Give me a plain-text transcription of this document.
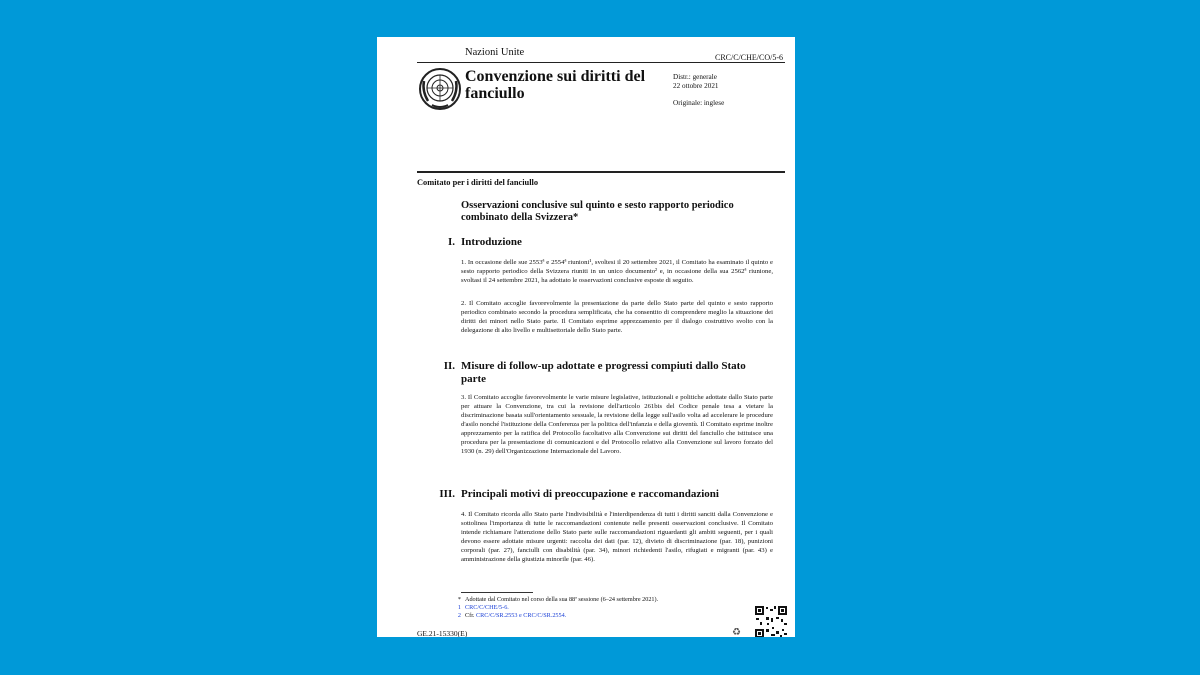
Nazioni Unite	CRC/C/CHE/CO/5-6
Convenzione sui diritti del fanciullo
Distr.: generale
22 ottobre 2021
Originale: inglese
Comitato per i diritti del fanciullo
Osservazioni conclusive sul quinto e sesto rapporto periodico combinato della Svizzera*
I. Introduzione
1. In occasione delle sue 2553ª e 2554ª riunioni¹, svoltesi il 20 settembre 2021, il Comitato ha esaminato il quinto e sesto rapporto periodico della Svizzera riuniti in un unico documento² e, in occasione della sua 2562ª riunione, svoltasi il 24 settembre 2021, ha adottato le osservazioni conclusive esposte di seguito.
2. Il Comitato accoglie favorevolmente la presentazione da parte dello Stato parte del quinto e sesto rapporto periodico combinato secondo la procedura semplificata, che ha consentito di comprendere meglio la situazione dei diritti dei minori nello Stato parte. Il Comitato esprime apprezzamento per il dialogo costruttivo svolto con la delegazione di alto livello e multisettoriale dello Stato parte.
II. Misure di follow-up adottate e progressi compiuti dallo Stato parte
3. Il Comitato accoglie favorevolmente le varie misure legislative, istituzionali e politiche adottate dallo Stato parte per attuare la Convenzione, tra cui la revisione dell'articolo 261bis del Codice penale tesa a vietare la discriminazione basata sull'orientamento sessuale, la revisione della legge sull'asilo volta ad accelerare le procedure d'asilo nonché l'istituzione della Conferenza per la politica dell'infanzia e della gioventù. Il Comitato esprime inoltre apprezzamento per la ratifica del Protocollo facoltativo alla Convenzione sui diritti del fanciullo che istituisce una procedura per la presentazione di comunicazioni e del Protocollo relativo alla Convenzione sul lavoro forzato del 1930 (n. 29) dell'Organizzazione Internazionale del Lavoro.
III. Principali motivi di preoccupazione e raccomandazioni
4. Il Comitato ricorda allo Stato parte l'indivisibilità e l'interdipendenza di tutti i diritti sanciti dalla Convenzione e sottolinea l'importanza di tutte le raccomandazioni contenute nelle presenti osservazioni conclusive. Il Comitato intende richiamare l'attenzione dello Stato parte sulle raccomandazioni riguardanti gli ambiti seguenti, per i quali devono essere adottate misure urgenti: raccolta dei dati (par. 12), divieto di discriminazione (par. 18), punizioni corporali (par. 27), fanciulli con disabilità (par. 34), minori richiedenti l'asilo, rifugiati e migranti (par. 43) e amministrazione della giustizia minorile (par. 46).
* Adottate dal Comitato nel corso della sua 88ª sessione (6–24 settembre 2021).
1 CRC/C/CHE/5-6.
2 Cfr. CRC/C/SR.2553 e CRC/C/SR.2554.
GE.21-15330(E)	♻
